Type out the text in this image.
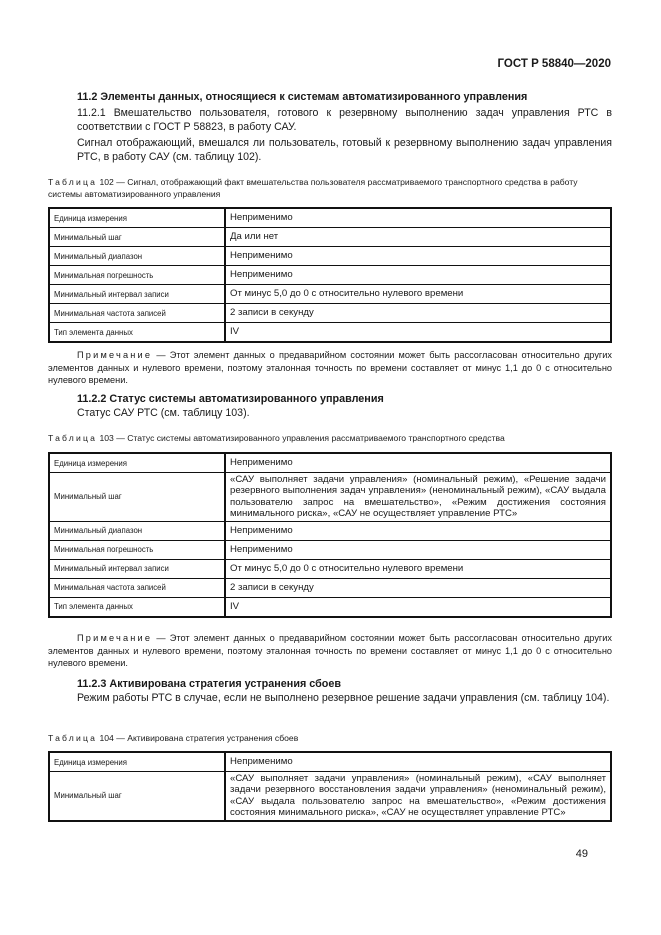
ГОСТ Р 58840—2020
11.2 Элементы данных, относящиеся к системам автоматизированного управления
11.2.1 Вмешательство пользователя, готового к резервному выполнению задач управления РТС в соответствии с ГОСТ Р 58823, в работу САУ.
Сигнал отображающий, вмешался ли пользователь, готовый к резервному выполнению задач управления РТС, в работу САУ (см. таблицу 102).
Таблица 102 — Сигнал, отображающий факт вмешательства пользователя рассматриваемого транспортного средства в работу системы автоматизированного управления
Единица измерения	Неприменимо
Минимальный шаг	Да или нет
Минимальный диапазон	Неприменимо
Минимальная погрешность	Неприменимо
Минимальный интервал записи	От минус 5,0 до 0 с относительно нулевого времени
Минимальная частота записей	2 записи в секунду
Тип элемента данных	IV
Примечание — Этот элемент данных о предаварийном состоянии может быть рассогласован относительно других элементов данных и нулевого времени, поэтому эталонная точность по времени составляет от минус 1,1 до 0 с относительно нулевого времени.
11.2.2 Статус системы автоматизированного управления
Статус САУ РТС (см. таблицу 103).
Таблица 103 — Статус системы автоматизированного управления рассматриваемого транспортного средства
Единица измерения	Неприменимо
Минимальный шаг	«САУ выполняет задачи управления» (номинальный режим), «Решение задачи резервного выполнения задач управления» (неноминальный режим), «САУ выдала пользователю запрос на вмешательство», «Режим достижения состояния минимального риска», «САУ не осуществляет управление РТС»
Минимальный диапазон	Неприменимо
Минимальная погрешность	Неприменимо
Минимальный интервал записи	От минус 5,0 до 0 с относительно нулевого времени
Минимальная частота записей	2 записи в секунду
Тип элемента данных	IV
Примечание — Этот элемент данных о предаварийном состоянии может быть рассогласован относительно других элементов данных и нулевого времени, поэтому эталонная точность по времени составляет от минус 1,1 до 0 с относительно нулевого времени.
11.2.3 Активирована стратегия устранения сбоев
Режим работы РТС в случае, если не выполнено резервное решение задачи управления (см. таблицу 104).
Таблица 104 — Активирована стратегия устранения сбоев
Единица измерения	Неприменимо
Минимальный шаг	«САУ выполняет задачи управления» (номинальный режим), «САУ выполняет задачи резервного восстановления задачи управления» (неноминальный режим), «САУ выдала пользователю запрос на вмешательство», «Режим достижения состояния минимального риска», «САУ не осуществляет управление РТС»
49
